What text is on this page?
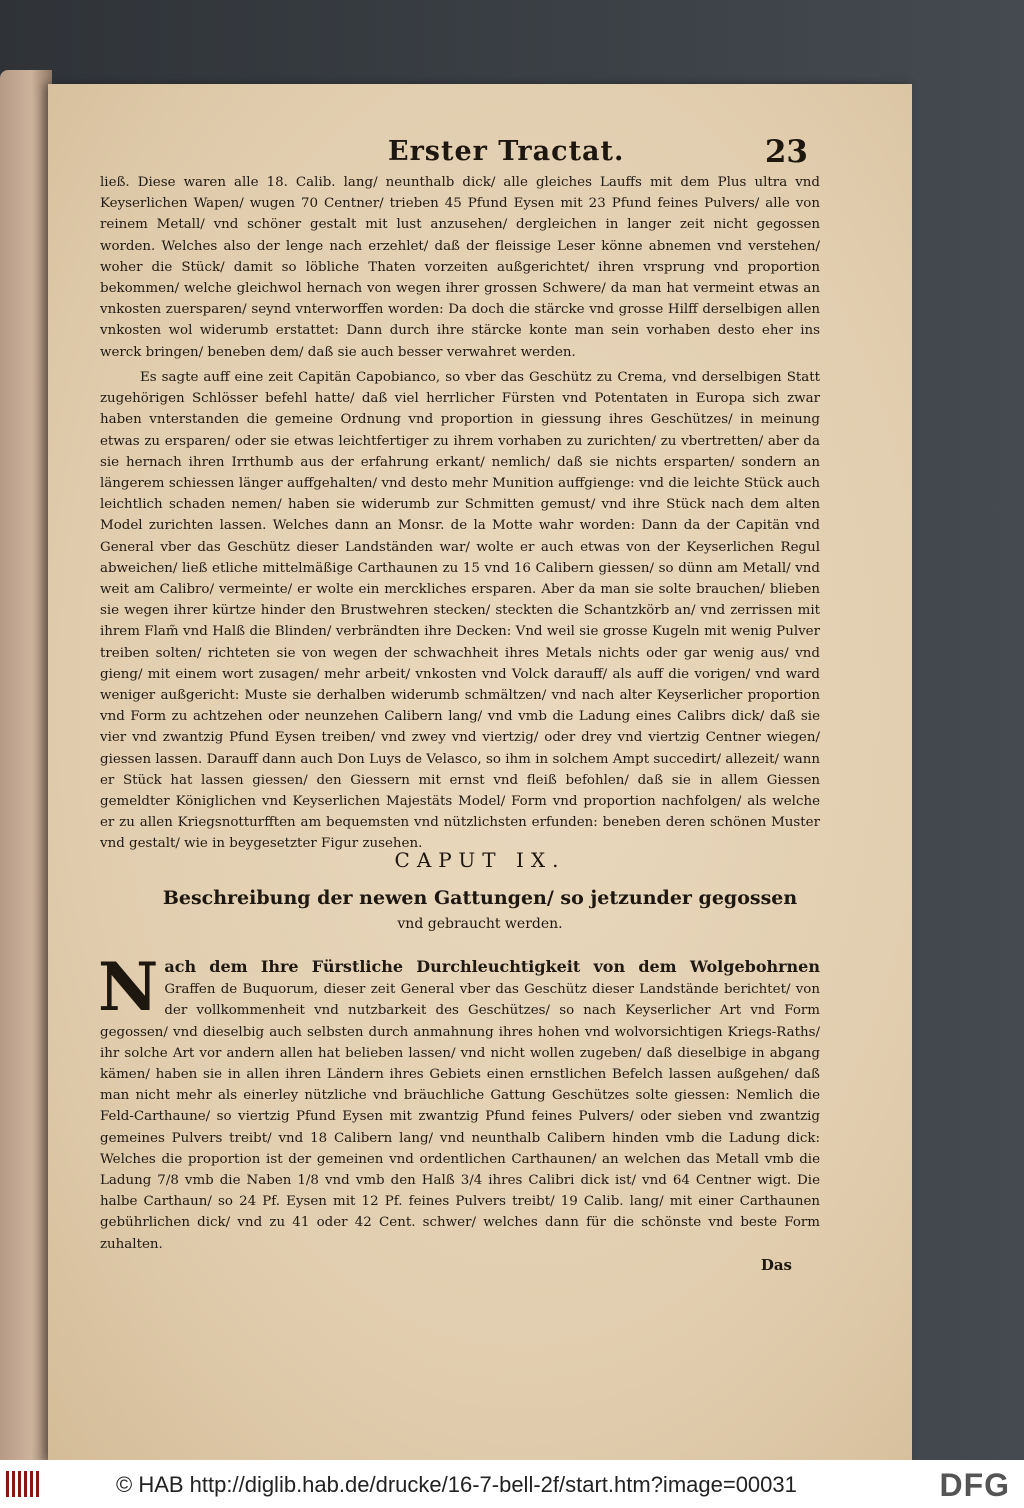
Erster Tractat.	23
ließ. Diese waren alle 18. Calib. lang/ neunthalb dick/ alle gleiches Lauffs mit dem Plus ultra vnd Keyserlichen Wapen/ wugen 70 Centner/ trieben 45 Pfund Eysen mit 23 Pfund feines Pulvers/ alle von reinem Metall/ vnd schöner gestalt mit lust anzusehen/ dergleichen in langer zeit nicht gegossen worden. Welches also der lenge nach erzehlet/ daß der fleissige Leser könne abnemen vnd verstehen/ woher die Stück/ damit so löbliche Thaten vorzeiten außgerichtet/ ihren vrsprung vnd proportion bekommen/ welche gleichwol hernach von wegen ihrer grossen Schwere/ da man hat vermeint etwas an vnkosten zuersparen/ seynd vnterworffen worden: Da doch die stärcke vnd grosse Hilff derselbigen allen vnkosten wol widerumb erstattet: Dann durch ihre stärcke konte man sein vorhaben desto eher ins werck bringen/ beneben dem/ daß sie auch besser verwahret werden.
Es sagte auff eine zeit Capitän Capobianco, so vber das Geschütz zu Crema, vnd derselbigen Statt zugehörigen Schlösser befehl hatte/ daß viel herrlicher Fürsten vnd Potentaten in Europa sich zwar haben vnterstanden die gemeine Ordnung vnd proportion in giessung ihres Geschützes/ in meinung etwas zu ersparen/ oder sie etwas leichtfertiger zu ihrem vorhaben zu zurichten/ zu vbertretten/ aber da sie hernach ihren Irrthumb aus der erfahrung erkant/ nemlich/ daß sie nichts ersparten/ sondern an längerem schiessen länger auffgehalten/ vnd desto mehr Munition auffgienge: vnd die leichte Stück auch leichtlich schaden nemen/ haben sie widerumb zur Schmitten gemust/ vnd ihre Stück nach dem alten Model zurichten lassen. Welches dann an Monsr. de la Motte wahr worden: Dann da der Capitän vnd General vber das Geschütz dieser Landständen war/ wolte er auch etwas von der Keyserlichen Regul abweichen/ ließ etliche mittelmäßige Carthaunen zu 15 vnd 16 Calibern giessen/ so dünn am Metall/ vnd weit am Calibro/ vermeinte/ er wolte ein merckliches ersparen. Aber da man sie solte brauchen/ blieben sie wegen ihrer kürtze hinder den Brustwehren stecken/ steckten die Schantzkörb an/ vnd zerrissen mit ihrem Flam̃ vnd Halß die Blinden/ verbrändten ihre Decken: Vnd weil sie grosse Kugeln mit wenig Pulver treiben solten/ richteten sie von wegen der schwachheit ihres Metals nichts oder gar wenig aus/ vnd gieng/ mit einem wort zusagen/ mehr arbeit/ vnkosten vnd Volck darauff/ als auff die vorigen/ vnd ward weniger außgericht: Muste sie derhalben widerumb schmältzen/ vnd nach alter Keyserlicher proportion vnd Form zu achtzehen oder neunzehen Calibern lang/ vnd vmb die Ladung eines Calibrs dick/ daß sie vier vnd zwantzig Pfund Eysen treiben/ vnd zwey vnd viertzig/ oder drey vnd viertzig Centner wiegen/ giessen lassen. Darauff dann auch Don Luys de Velasco, so ihm in solchem Ampt succedirt/ allezeit/ wann er Stück hat lassen giessen/ den Giessern mit ernst vnd fleiß befohlen/ daß sie in allem Giessen gemeldter Königlichen vnd Keyserlichen Majestäts Model/ Form vnd proportion nachfolgen/ als welche er zu allen Kriegsnotturfften am bequemsten vnd nützlichsten erfunden: beneben deren schönen Muster vnd gestalt/ wie in beygesetzter Figur zusehen.
CAPUT IX.
Beschreibung der newen Gattungen/ so jetzunder gegossen
vnd gebraucht werden.
N ach dem Ihre Fürstliche Durchleuchtigkeit von dem Wolgebohrnen Graffen de Buquorum, dieser zeit General vber das Geschütz dieser Landstände berichtet/ von der vollkommenheit vnd nutzbarkeit des Geschützes/ so nach Keyserlicher Art vnd Form gegossen/ vnd dieselbig auch selbsten durch anmahnung ihres hohen vnd wolvorsichtigen Kriegs-Raths/ ihr solche Art vor andern allen hat belieben lassen/ vnd nicht wollen zugeben/ daß dieselbige in abgang kämen/ haben sie in allen ihren Ländern ihres Gebiets einen ernstlichen Befelch lassen außgehen/ daß man nicht mehr als einerley nützliche vnd bräuchliche Gattung Geschützes solte giessen: Nemlich die Feld-Carthaune/ so viertzig Pfund Eysen mit zwantzig Pfund feines Pulvers/ oder sieben vnd zwantzig gemeines Pulvers treibt/ vnd 18 Calibern lang/ vnd neunthalb Calibern hinden vmb die Ladung dick: Welches die proportion ist der gemeinen vnd ordentlichen Carthaunen/ an welchen das Metall vmb die Ladung 7/8 vmb die Naben 1/8 vnd vmb den Halß 3/4 ihres Calibri dick ist/ vnd 64 Centner wigt. Die halbe Carthaun/ so 24 Pf. Eysen mit 12 Pf. feines Pulvers treibt/ 19 Calib. lang/ mit einer Carthaunen gebührlichen dick/ vnd zu 41 oder 42 Cent. schwer/ welches dann für die schönste vnd beste Form zuhalten.
Das
© HAB http://diglib.hab.de/drucke/16-7-bell-2f/start.htm?image=00031	DFG
